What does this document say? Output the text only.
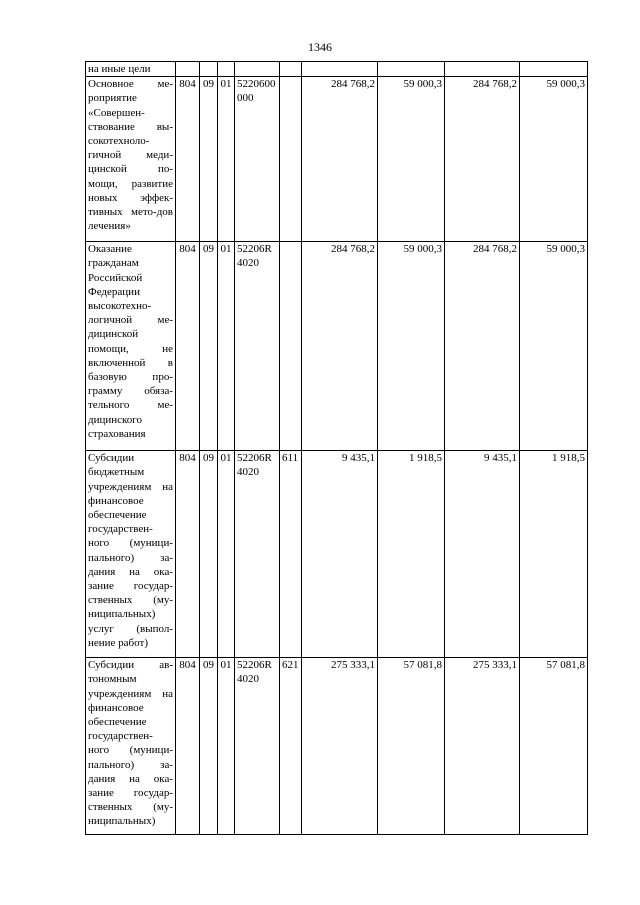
1346
на иные цели									
Основное ме-роприятие «Совершен-ствование вы-сокотехноло-гичной меди-цинской по-мощи, развитие новых эффек-тивных мето-дов лечения»	804	09	01	5220600000		284 768,2	59 000,3	284 768,2	59 000,3
Оказание гражданам Российской Федерации высокотехно-логичной ме-дицинской помощи, не включенной в базовую про-грамму обяза-тельного ме-дицинского страхования	804	09	01	52206R4020		284 768,2	59 000,3	284 768,2	59 000,3
Субсидии бюджетным учреждениям на финансовое обеспечение государствен-ного (муници-пального) за-дания на ока-зание государ-ственных (му-ниципальных) услуг (выпол-нение работ)	804	09	01	52206R4020	611	9 435,1	1 918,5	9 435,1	1 918,5
Субсидии ав-тономным учреждениям на финансовое обеспечение государствен-ного (муници-пального) за-дания на ока-зание государ-ственных (му-ниципальных)	804	09	01	52206R4020	621	275 333,1	57 081,8	275 333,1	57 081,8
